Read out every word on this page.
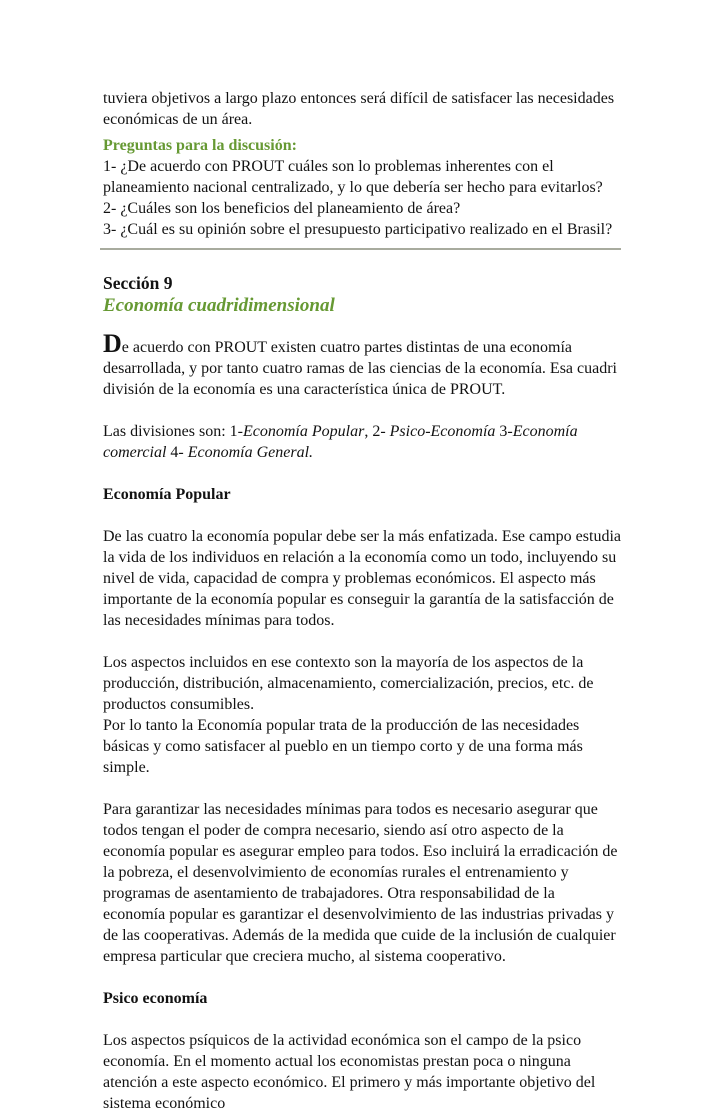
tuviera objetivos a largo plazo entonces será difícil de satisfacer las necesidades económicas de un área.

Preguntas para la discusión:

1- ¿De acuerdo con PROUT cuáles son lo problemas inherentes con el planeamiento nacional centralizado, y lo que debería ser hecho para evitarlos?

2- ¿Cuáles son los beneficios del planeamiento de área?

3- ¿Cuál es su opinión sobre el presupuesto participativo realizado en el Brasil?

Sección 9

Economía cuadridimensional

De acuerdo con PROUT existen cuatro partes distintas de una economía desarrollada, y por tanto cuatro ramas de las ciencias de la economía. Esa cuadri división de la economía es una característica única de PROUT.

Las divisiones son: 1-Economía Popular, 2- Psico-Economía 3-Economía comercial 4- Economía General.

Economía Popular

De las cuatro la economía popular debe ser la más enfatizada. Ese campo estudia la vida de los individuos en relación a la economía como un todo, incluyendo su nivel de vida, capacidad de compra y problemas económicos. El aspecto más importante de la economía popular es conseguir la garantía de la satisfacción de las necesidades mínimas para todos.

Los aspectos incluidos en ese contexto son la mayoría de los aspectos de la producción, distribución, almacenamiento, comercialización, precios, etc. de productos consumibles.

Por lo tanto la Economía popular trata de la producción de las necesidades básicas y como satisfacer al pueblo en un tiempo corto y de una forma más simple.

Para garantizar las necesidades mínimas para todos es necesario asegurar que todos tengan el poder de compra necesario, siendo así otro aspecto de la economía popular es asegurar empleo para todos. Eso incluirá la erradicación de la pobreza, el desenvolvimiento de economías rurales el entrenamiento y programas de asentamiento de trabajadores. Otra responsabilidad de la economía popular es garantizar el desenvolvimiento de las industrias privadas y de las cooperativas. Además de la medida que cuide de la inclusión de cualquier empresa particular que creciera mucho, al sistema cooperativo.

Psico economía

Los aspectos psíquicos de la actividad económica son el campo de la psico economía. En el momento actual los economistas prestan poca o ninguna atención a este aspecto económico. El primero y más importante objetivo del sistema económico
